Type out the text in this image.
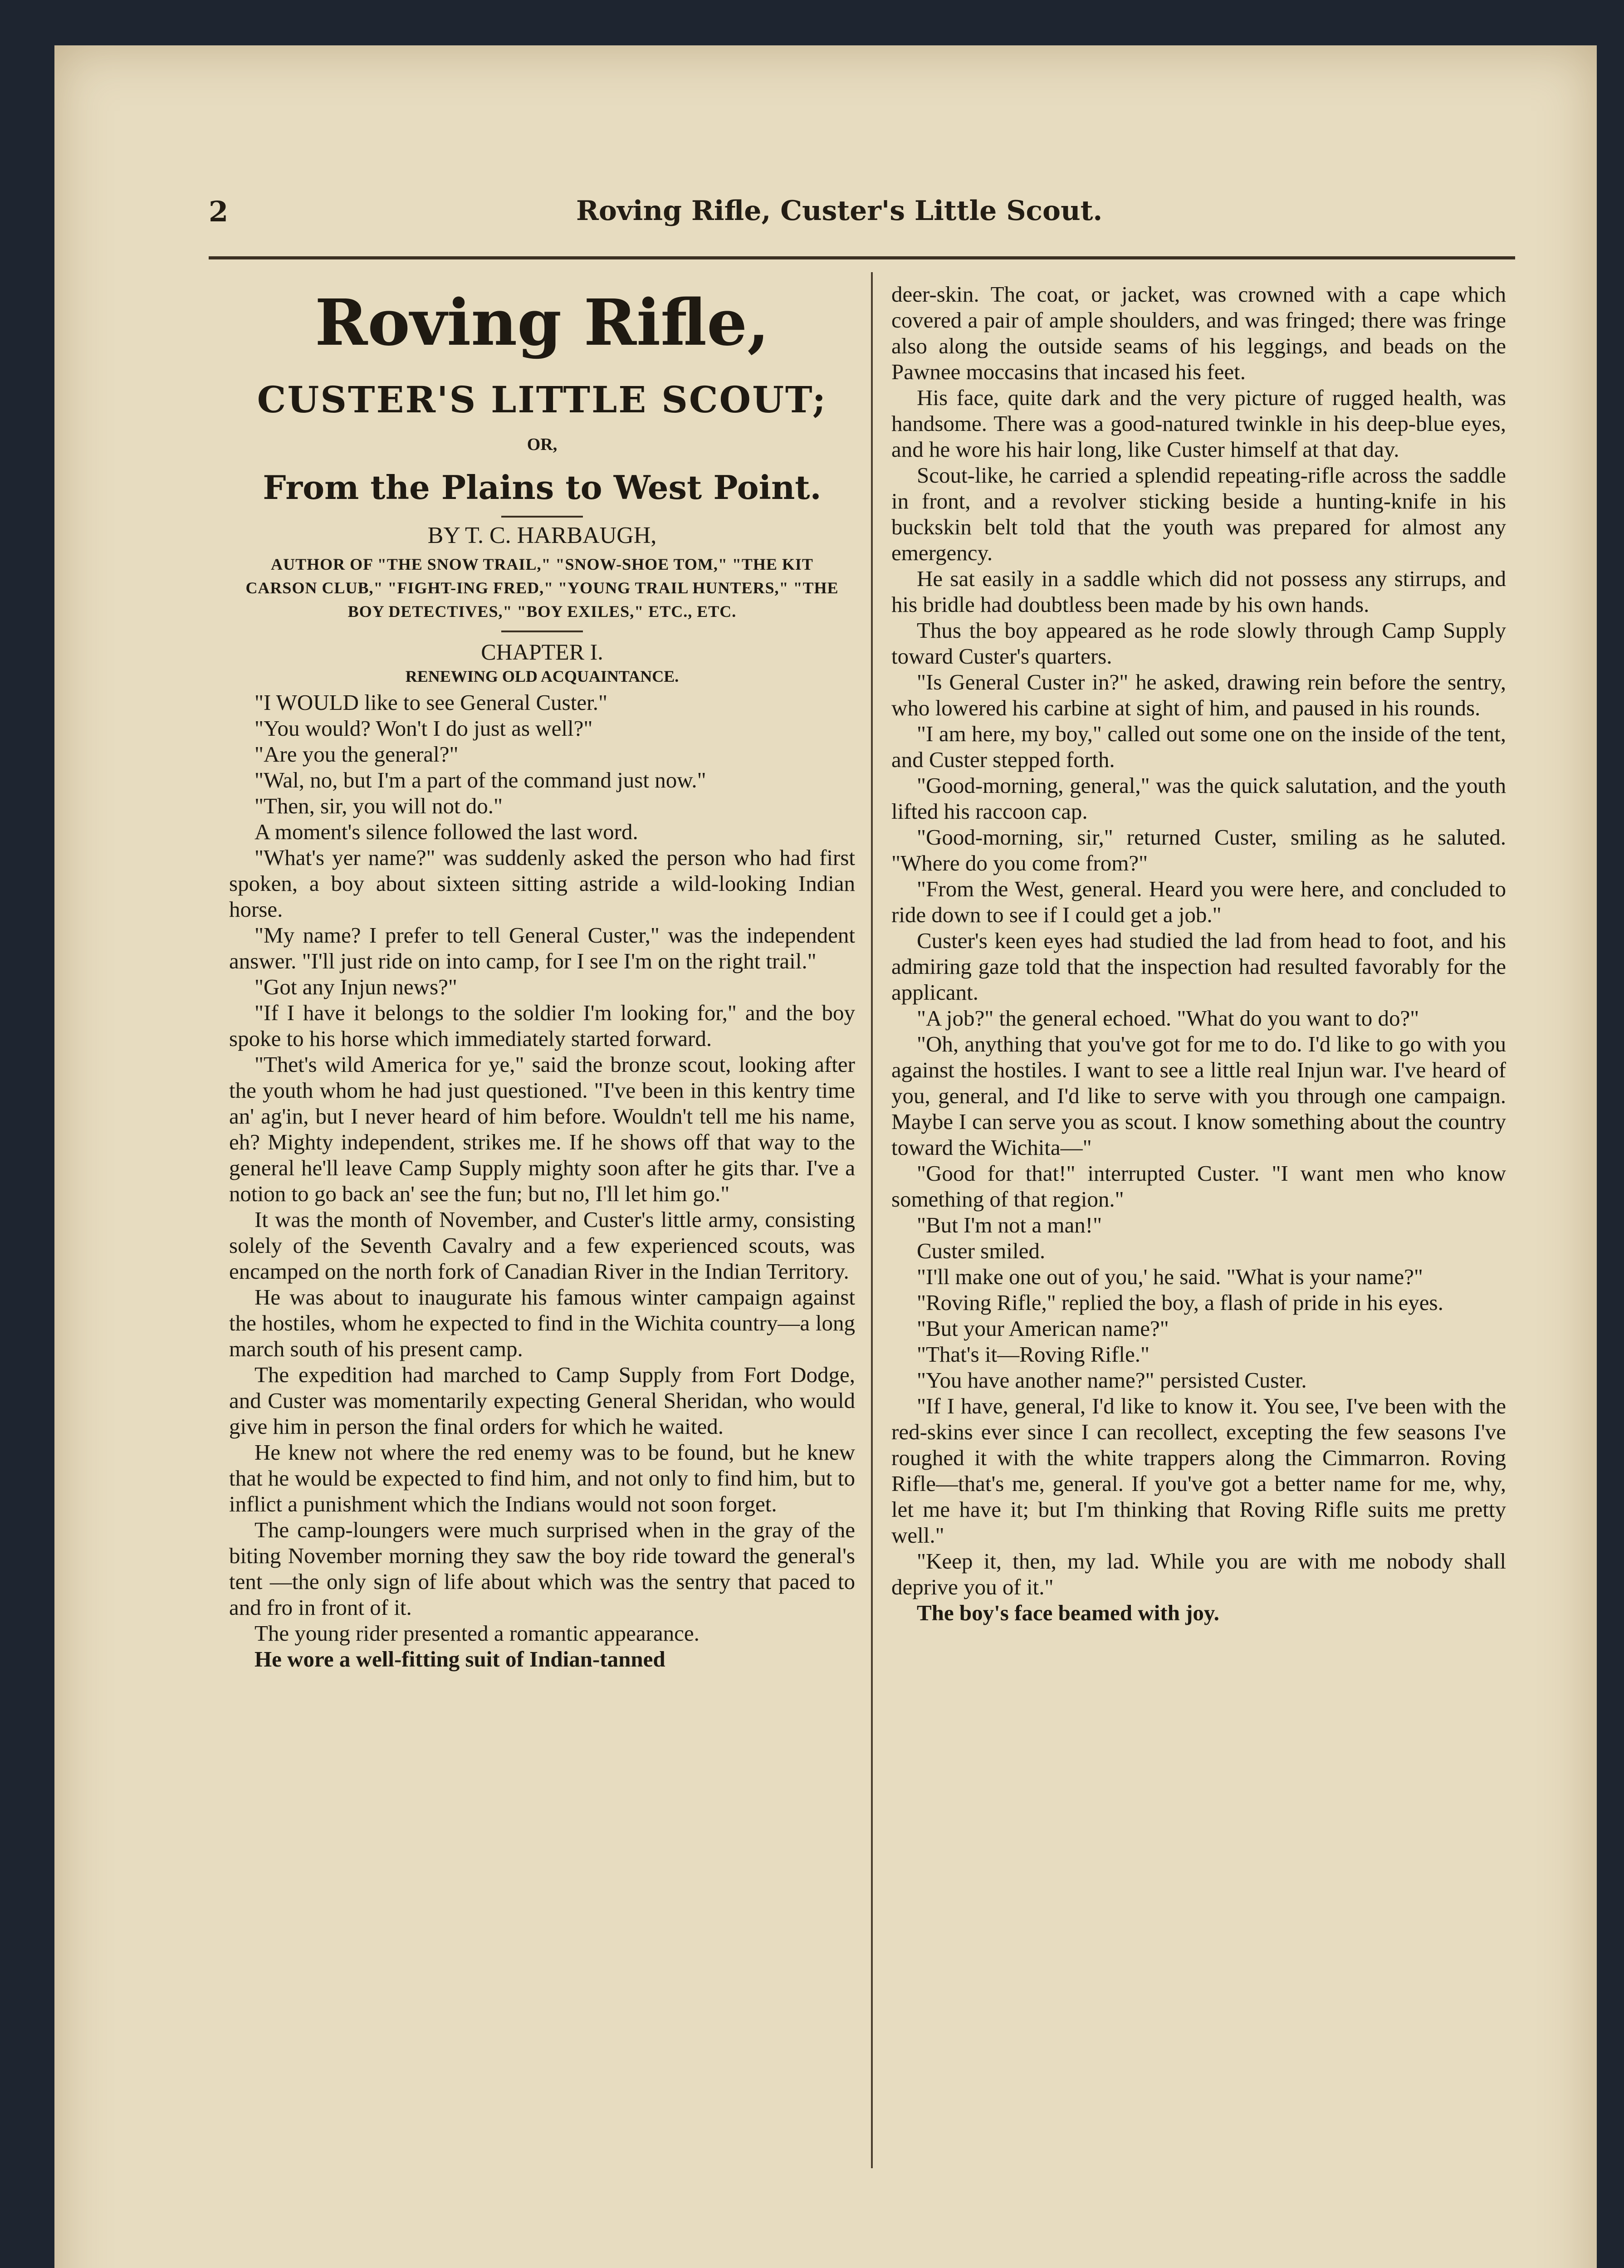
2	Roving Rifle, Custer's Little Scout.
Roving Rifle,
CUSTER'S LITTLE SCOUT;
OR,
From the Plains to West Point.
BY T. C. HARBAUGH,
AUTHOR OF "THE SNOW TRAIL," "SNOW-SHOE TOM," "THE KIT CARSON CLUB," "FIGHT-ING FRED," "YOUNG TRAIL HUNTERS," "THE BOY DETECTIVES," "BOY EXILES," ETC., ETC.
CHAPTER I.
RENEWING OLD ACQUAINTANCE.

"I WOULD like to see General Custer."

"You would? Won't I do just as well?"

"Are you the general?"

"Wal, no, but I'm a part of the command just now."

"Then, sir, you will not do."

A moment's silence followed the last word.

"What's yer name?" was suddenly asked the person who had first spoken, a boy about sixteen sitting astride a wild-looking Indian horse.

"My name? I prefer to tell General Custer," was the independent answer. "I'll just ride on into camp, for I see I'm on the right trail."

"Got any Injun news?"

"If I have it belongs to the soldier I'm looking for," and the boy spoke to his horse which immediately started forward.

"Thet's wild America for ye," said the bronze scout, looking after the youth whom he had just questioned. "I've been in this kentry time an' ag'in, but I never heard of him before. Wouldn't tell me his name, eh? Mighty independent, strikes me. If he shows off that way to the general he'll leave Camp Supply mighty soon after he gits thar. I've a notion to go back an' see the fun; but no, I'll let him go."

It was the month of November, and Custer's little army, consisting solely of the Seventh Cavalry and a few experienced scouts, was encamped on the north fork of Canadian River in the Indian Territory.

He was about to inaugurate his famous winter campaign against the hostiles, whom he expected to find in the Wichita country—a long march south of his present camp.

The expedition had marched to Camp Supply from Fort Dodge, and Custer was momentarily expecting General Sheridan, who would give him in person the final orders for which he waited.

He knew not where the red enemy was to be found, but he knew that he would be expected to find him, and not only to find him, but to inflict a punishment which the Indians would not soon forget.

The camp-loungers were much surprised when in the gray of the biting November morning they saw the boy ride toward the general's tent —the only sign of life about which was the sentry that paced to and fro in front of it.

The young rider presented a romantic appearance.

He wore a well-fitting suit of Indian-tanned

deer-skin. The coat, or jacket, was crowned with a cape which covered a pair of ample shoulders, and was fringed; there was fringe also along the outside seams of his leggings, and beads on the Pawnee moccasins that incased his feet.

His face, quite dark and the very picture of rugged health, was handsome. There was a good-natured twinkle in his deep-blue eyes, and he wore his hair long, like Custer himself at that day.

Scout-like, he carried a splendid repeating-rifle across the saddle in front, and a revolver sticking beside a hunting-knife in his buckskin belt told that the youth was prepared for almost any emergency.

He sat easily in a saddle which did not possess any stirrups, and his bridle had doubtless been made by his own hands.

Thus the boy appeared as he rode slowly through Camp Supply toward Custer's quarters.

"Is General Custer in?" he asked, drawing rein before the sentry, who lowered his carbine at sight of him, and paused in his rounds.

"I am here, my boy," called out some one on the inside of the tent, and Custer stepped forth.

"Good-morning, general," was the quick salutation, and the youth lifted his raccoon cap.

"Good-morning, sir," returned Custer, smiling as he saluted. "Where do you come from?"

"From the West, general. Heard you were here, and concluded to ride down to see if I could get a job."

Custer's keen eyes had studied the lad from head to foot, and his admiring gaze told that the inspection had resulted favorably for the applicant.

"A job?" the general echoed. "What do you want to do?"

"Oh, anything that you've got for me to do. I'd like to go with you against the hostiles. I want to see a little real Injun war. I've heard of you, general, and I'd like to serve with you through one campaign. Maybe I can serve you as scout. I know something about the country toward the Wichita—"

"Good for that!" interrupted Custer. "I want men who know something of that region."

"But I'm not a man!"

Custer smiled.

"I'll make one out of you,' he said. "What is your name?"

"Roving Rifle," replied the boy, a flash of pride in his eyes.

"But your American name?"

"That's it—Roving Rifle."

"You have another name?" persisted Custer.

"If I have, general, I'd like to know it. You see, I've been with the red-skins ever since I can recollect, excepting the few seasons I've roughed it with the white trappers along the Cimmarron. Roving Rifle—that's me, general. If you've got a better name for me, why, let me have it; but I'm thinking that Roving Rifle suits me pretty well."

"Keep it, then, my lad. While you are with me nobody shall deprive you of it."

The boy's face beamed with joy.
